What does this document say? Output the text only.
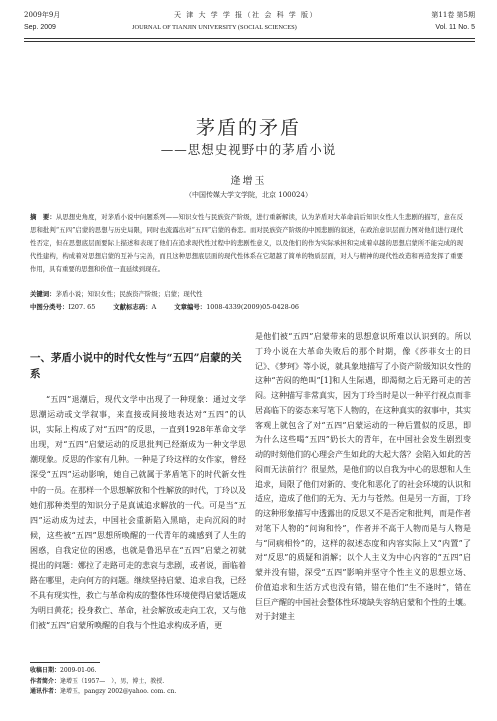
2009年9月
Sep. 2009
天 津 大 学 学 报（社 会 科 学 版）
JOURNAL OF TIANJIN UNIVERSITY (SOCIAL SCIENCES)
第11卷 第5期
Vol. 11 No. 5
茅盾的矛盾
——思想史视野中的茅盾小说
逄增玉
（中国传媒大学文学院，北京 100024）
摘　要：从思想史角度，对茅盾小说中问题系列——知识女性与民族资产阶级，进行重新解读，认为茅盾对大革命前后知识女性人生悲剧的描写，意在反思和批判“五四”启蒙的思想与历史局限，同时也流露出对“五四”启蒙的眷恋。而对民族资产阶级的中国悲剧的叙述，在政治意识层面力图对他们进行现代性否定，但在思想底层面要际上描述和表现了他们在追求现代性过程中的悲剧性意义，以及他们的作为实际承担和完成着卓越的思想启蒙所不能完成的现代性建构，构成着对思想启蒙的互补与完善，而且这种思想底层面的现代性体系在它超越了简单的物质层面，对人与精神的现代性改造和再造发挥了重要作用，具有重要的思想和价值一直延续到现在。
关键词：茅盾小说；知识女性；民族资产阶级；启蒙；现代性
中图分类号：I207. 65	文献标志码：A	文章编号：1008-4339(2009)05-0428-06
一、茅盾小说中的时代女性与“五四”启蒙的关系

“五四”退潮后，现代文学中出现了一种现象：通过文学思潮运动或文学叙事，来直接或间接地表达对“五四”的认识，实际上构成了对“五四”的反思，一直到1928年革命文学出现，对“五四”启蒙运动的反思批判已经渐成为一种文学思潮现象。反思的作家有几种。一种是了玲这样的女作家，曾经深受“五四”运动影响，她自己就属于茅盾笔下的时代新女性中的一员。在那样一个思想解放和个性解放的时代，丁玲以及她们那种类型的知识分子是真诚追求解放的一代。可是当“五四”运动成为过去，中国社会重新陷入黑暗，走向沉闷的时候，这些被“五四”思想所唤醒的一代青年的魂感到了人生的困惑，自我定位的困惑，也就是鲁迅早在“五四”启蒙之初就提出的问题：娜拉了走路可走的悲哀与悲剧，或者说，面临着路在哪里，走向何方的问题。继续坚持启蒙、追求自我，已经不具有现实性，救亡与革命构成的整体性环境使得启蒙话题成为明日黄花；投身救亡、革命，社会解放或走向工农，又与他们被“五四”启蒙所唤醒的自我与个性追求构成矛盾，更

是他们被“五四”启蒙带来的思想意识所难以认识到的。所以丁玲小说在大革命失败后的那个时期，像《莎菲女士的日记》、《梦珂》等小说，就具象地描写了小资产阶级知识女性的这种“苦闷的绝叫”[1]和人生际遇，即渴彻之后无路可走的苦闷。这种描写非常真实，因为丁玲当时是以一种平行视点而非居高临下的姿态来写笔下人物的，在这种真实的叙事中，其实客观上就包含了对“五四”启蒙运动的一种后置似的反思，即为什么这些喝“五四”奶长大的青年，在中国社会发生剧烈变动的时刻他们的心理会产生如此的大起大落？会陷入如此的苦闷而无法前行？很显然，是他们的以自我为中心的思想和人生追求，局限了他们对新的、变化和恶化了的社会环境的认识和适应，造成了他们的无为、无力与苍然。但是另一方面，丁玲的这种形象描写中透露出的反思又不是否定和批判，而是作者对笔下人物的“问询和怜”，作者并不高于人物而是与人物是与“同病相怜”的，这样的叙述态度和内容实际上又“内置”了对“反思”的质疑和消解；以个人主义为中心内容的“五四”启蒙并没有错，深受“五四”影响并坚守个性主义的思想立场、价值追求和生活方式也没有错，错在他们“生不逢时”，错在巨巨产醒的中国社会整体性环境缺失容纳启蒙和个性的土壤。对于封建主
收稿日期：2009-01-06.
作者简介：逄增玉（1957—　），男，博士，教授.
通讯作者：逄增玉，pangzy 2002@yahoo. com. cn.
